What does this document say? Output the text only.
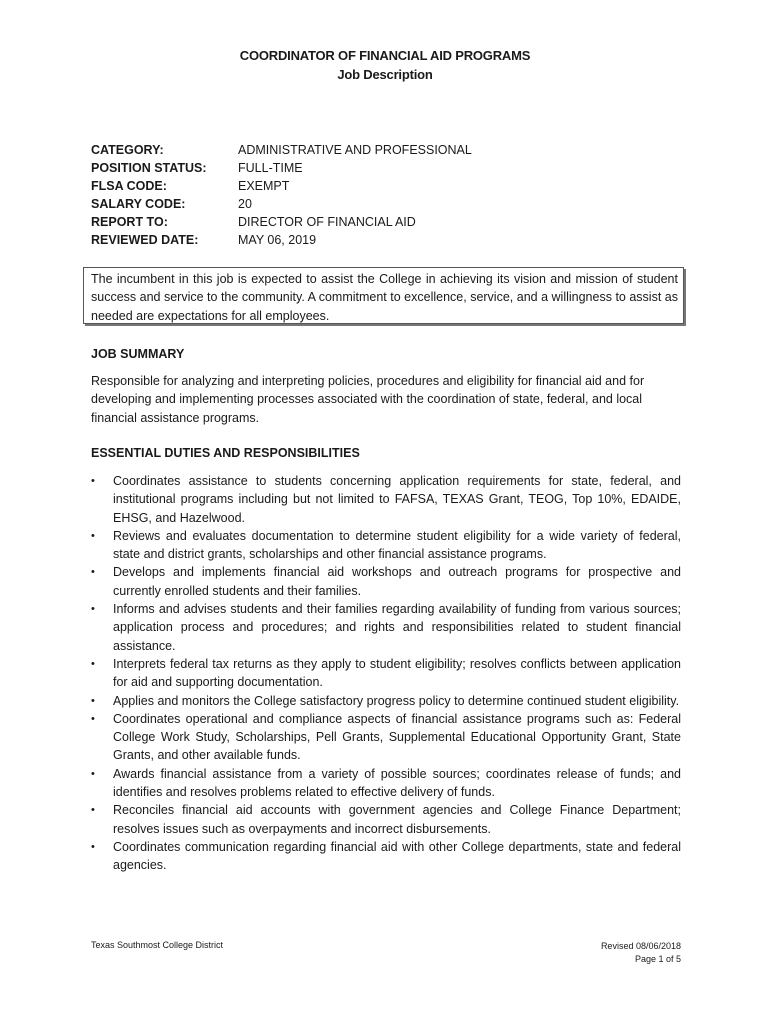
COORDINATOR OF FINANCIAL AID PROGRAMS
Job Description
CATEGORY:	ADMINISTRATIVE AND PROFESSIONAL
POSITION STATUS:	FULL-TIME
FLSA CODE:	EXEMPT
SALARY CODE:	20
REPORT TO:	DIRECTOR OF FINANCIAL AID
REVIEWED DATE:	MAY 06, 2019
The incumbent in this job is expected to assist the College in achieving its vision and mission of student success and service to the community. A commitment to excellence, service, and a willingness to assist as needed are expectations for all employees.
JOB SUMMARY
Responsible for analyzing and interpreting policies, procedures and eligibility for financial aid and for developing and implementing processes associated with the coordination of state, federal, and local financial assistance programs.
ESSENTIAL DUTIES AND RESPONSIBILITIES
•	Coordinates assistance to students concerning application requirements for state, federal, and institutional programs including but not limited to FAFSA, TEXAS Grant, TEOG, Top 10%, EDAIDE, EHSG, and Hazelwood.
•	Reviews and evaluates documentation to determine student eligibility for a wide variety of federal, state and district grants, scholarships and other financial assistance programs.
•	Develops and implements financial aid workshops and outreach programs for prospective and currently enrolled students and their families.
•	Informs and advises students and their families regarding availability of funding from various sources; application process and procedures; and rights and responsibilities related to student financial assistance.
•	Interprets federal tax returns as they apply to student eligibility; resolves conflicts between application for aid and supporting documentation.
•	Applies and monitors the College satisfactory progress policy to determine continued student eligibility.
•	Coordinates operational and compliance aspects of financial assistance programs such as: Federal College Work Study, Scholarships, Pell Grants, Supplemental Educational Opportunity Grant, State Grants, and other available funds.
•	Awards financial assistance from a variety of possible sources; coordinates release of funds; and identifies and resolves problems related to effective delivery of funds.
•	Reconciles financial aid accounts with government agencies and College Finance Department; resolves issues such as overpayments and incorrect disbursements.
•	Coordinates communication regarding financial aid with other College departments, state and federal agencies.
Texas Southmost College District	Revised 08/06/2018
Page 1 of 5
